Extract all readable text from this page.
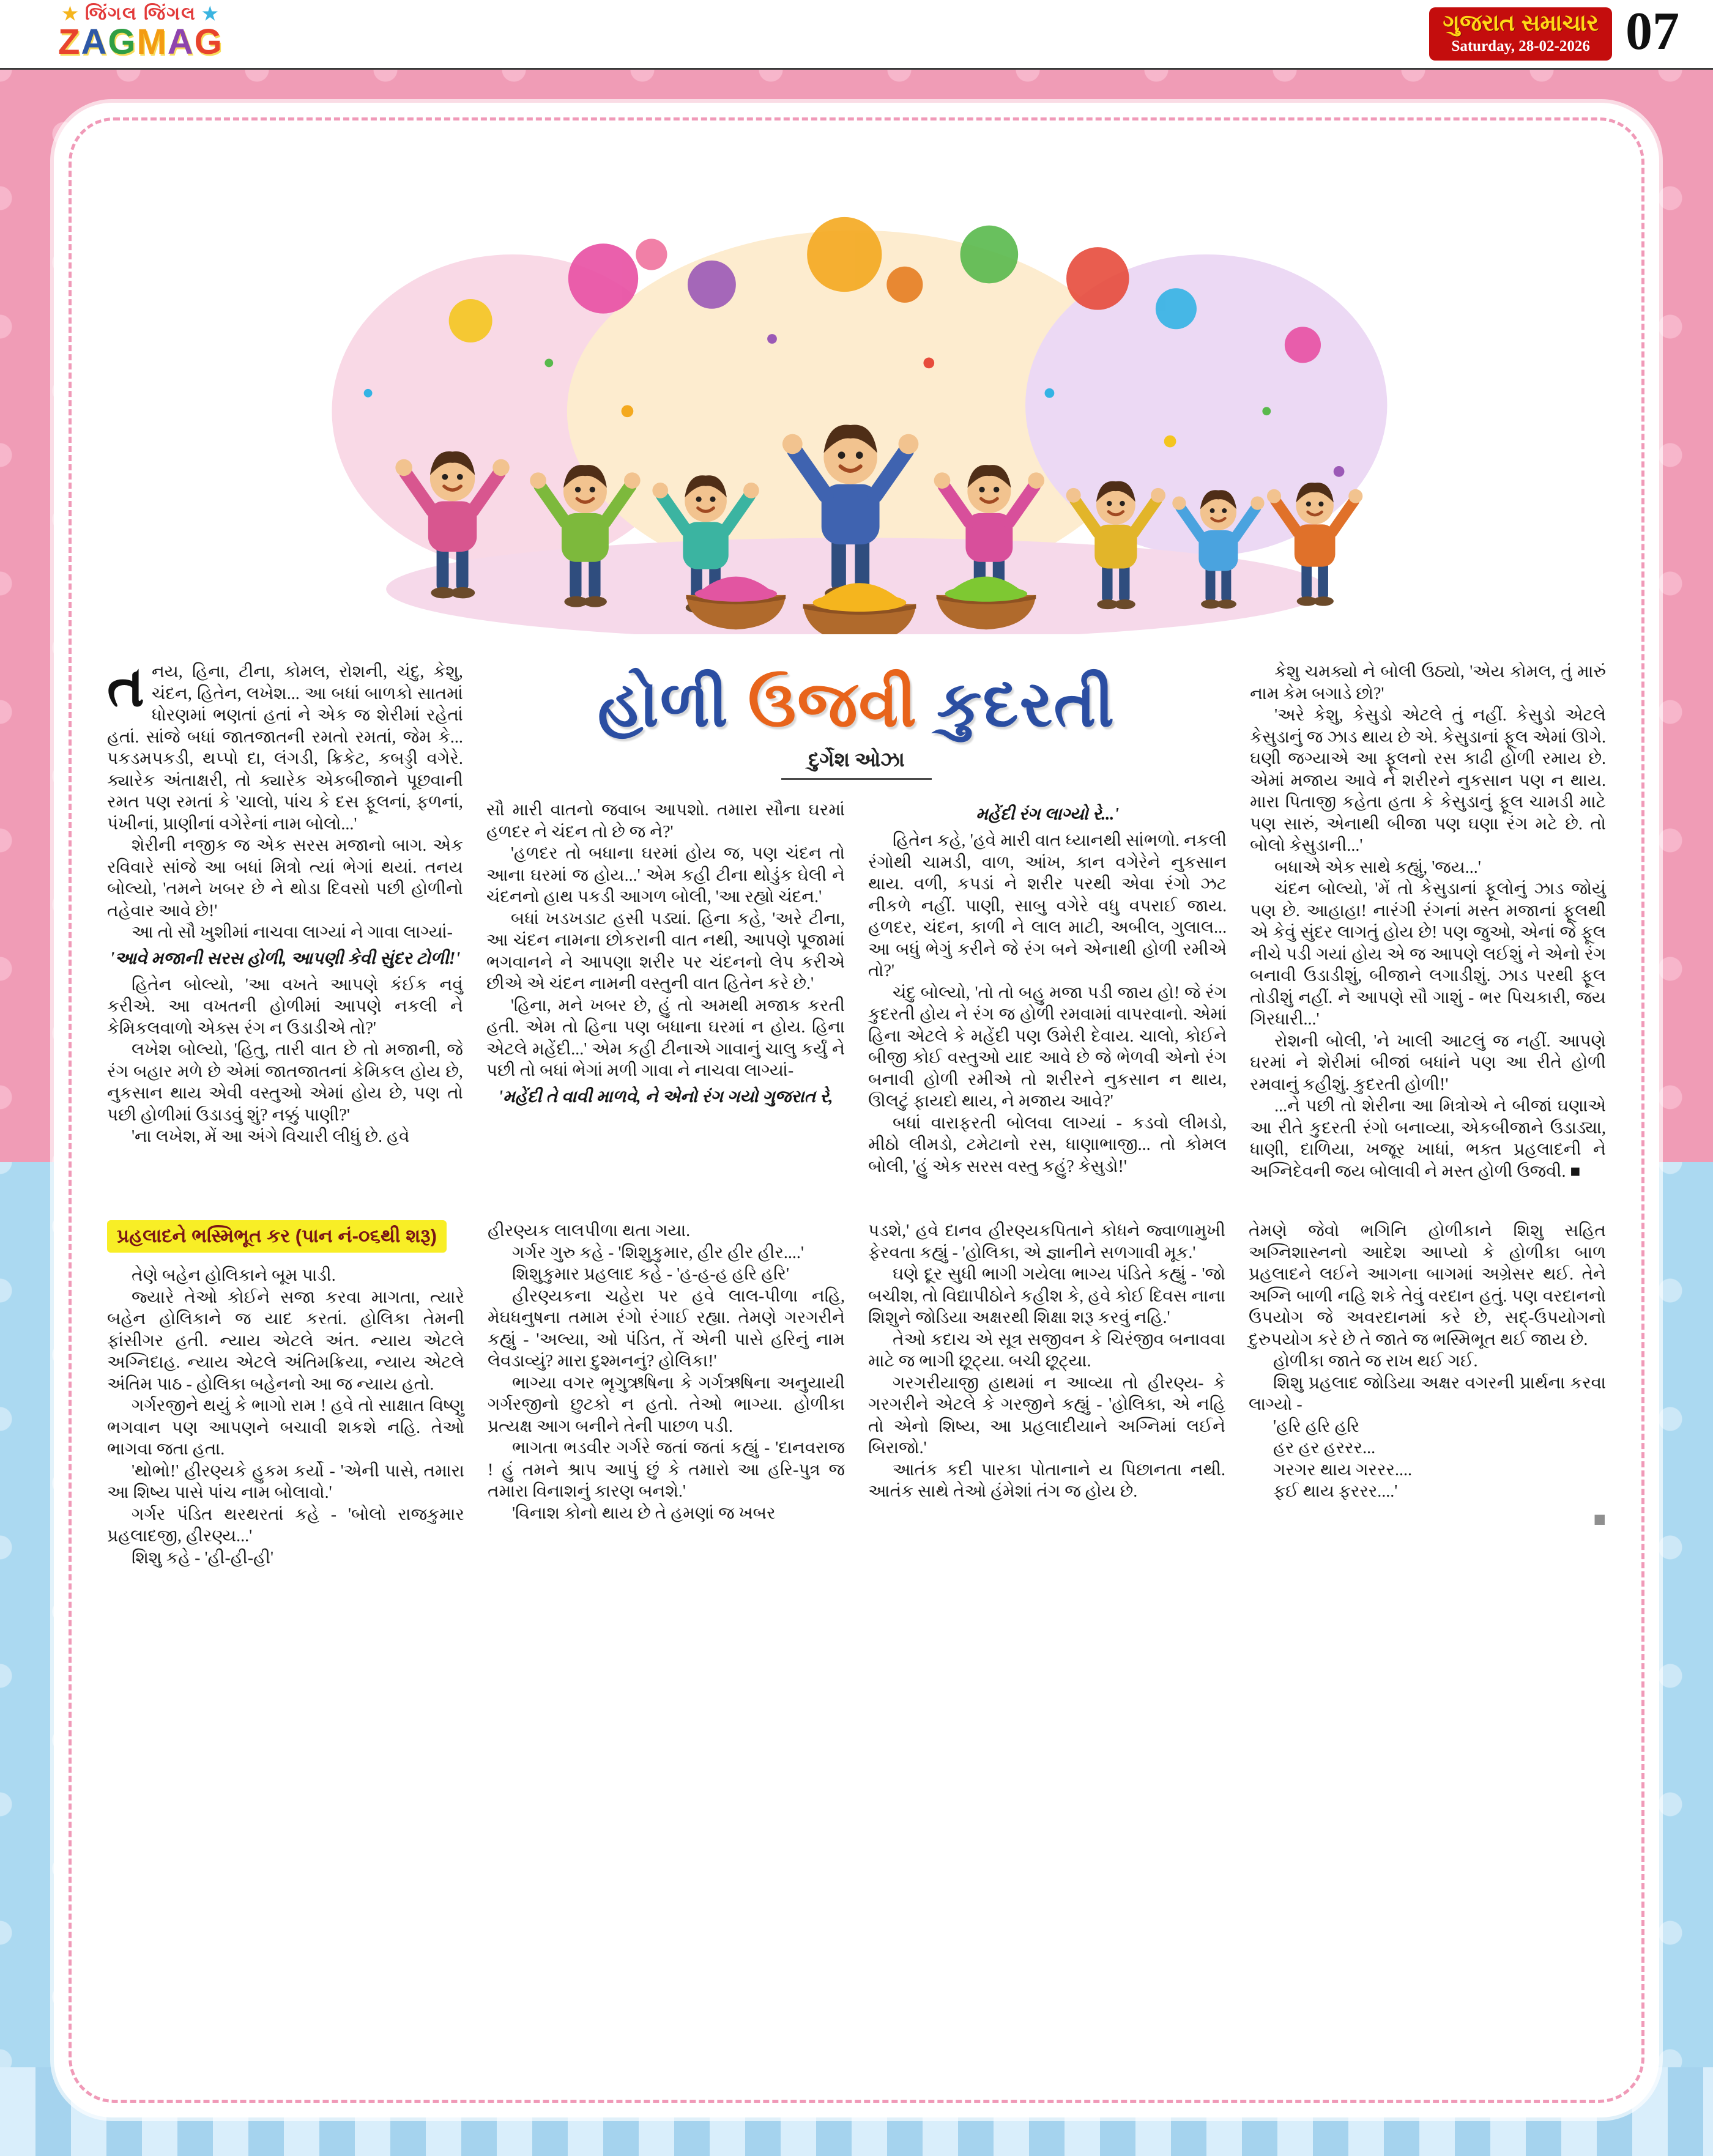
★ જિંગલ જિંગલ ★
ZAGMAG	ગુજરાત સમાચાર
Saturday, 28-02-2026 07

તનય, હિના, ટીના, કોમલ, રોશની, ચંદુ, કેશુ, ચંદન, હિતેન, લખેશ... આ બધાં બાળકો સાતમાં ધોરણમાં ભણતાં હતાં ને એક જ શેરીમાં રહેતાં હતાં. સાંજે બધાં જાતજાતની રમતો રમતાં, જેમ કે... પકડમપકડી, થપ્પો દા, લંગડી, ક્રિકેટ, કબડ્ડી વગેરે. ક્યારેક અંતાક્ષરી, તો ક્યારેક એકબીજાને પૂછવાની રમત પણ રમતાં કે 'ચાલો, પાંચ કે દસ ફૂલનાં, ફળનાં, પંખીનાં, પ્રાણીનાં વગેરેનાં નામ બોલો...'

શેરીની નજીક જ એક સરસ મજાનો બાગ. એક રવિવારે સાંજે આ બધાં મિત્રો ત્યાં ભેગાં થયાં. તનય બોલ્યો, 'તમને ખબર છે ને થોડા દિવસો પછી હોળીનો તહેવાર આવે છે!'

આ તો સૌ ખુશીમાં નાચવા લાગ્યાં ને ગાવા લાગ્યાં-

'આવે મજાની સરસ હોળી, આપણી કેવી સુંદર ટોળી!'

હિતેન બોલ્યો, 'આ વખતે આપણે કંઈક નવું કરીએ. આ વખતની હોળીમાં આપણે નકલી ને કેમિકલવાળો એક્સ રંગ ન ઉડાડીએ તો?'

લખેશ બોલ્યો, 'હિતુ, તારી વાત છે તો મજાની, જે રંગ બહાર મળે છે એમાં જાતજાતનાં કેમિકલ હોય છે, નુકસાન થાય એવી વસ્તુઓ એમાં હોય છે, પણ તો પછી હોળીમાં ઉડાડવું શું? નક્કું પાણી?'

'ના લખેશ, મેં આ અંગે વિચારી લીધું છે. હવે

હોળી ઉજવી કુદરતી
દુર્ગેશ ઓઝા

સૌ મારી વાતનો જવાબ આપશો. તમારા સૌના ઘરમાં હળદર ને ચંદન તો છે જ ને?'

'હળદર તો બધાના ઘરમાં હોય જ, પણ ચંદન તો આના ઘરમાં જ હોય...' એમ કહી ટીના થોડુંક ઘેલી ને ચંદનનો હાથ પકડી આગળ બોલી, 'આ રહ્યો ચંદન.'

બધાં ખડખડાટ હસી પડ્યાં. હિના કહે, 'અરે ટીના, આ ચંદન નામના છોકરાની વાત નથી, આપણે પૂજામાં ભગવાનને ને આપણા શરીર પર ચંદનનો લેપ કરીએ છીએ એ ચંદન નામની વસ્તુની વાત હિતેન કરે છે.'

'હિના, મને ખબર છે, હું તો અમથી મજાક કરતી હતી. એમ તો હિના પણ બધાના ઘરમાં ન હોય. હિના એટલે મહેંદી...' એમ કહી ટીનાએ ગાવાનું ચાલુ કર્યું ને પછી તો બધાં ભેગાં મળી ગાવા ને નાચવા લાગ્યાં-

'મહેંદી તે વાવી માળવે, ને એનો રંગ ગયો ગુજરાત રે,

મહેંદી રંગ લાગ્યો રે...'

હિતેન કહે, 'હવે મારી વાત ધ્યાનથી સાંભળો. નકલી રંગોથી ચામડી, વાળ, આંખ, કાન વગેરેને નુકસાન થાય. વળી, કપડાં ને શરીર પરથી એવા રંગો ઝટ નીકળે નહીં. પાણી, સાબુ વગેરે વધુ વપરાઈ જાય. હળદર, ચંદન, કાળી ને લાલ માટી, અબીલ, ગુલાલ... આ બધું ભેગું કરીને જે રંગ બને એનાથી હોળી રમીએ તો?'

ચંદુ બોલ્યો, 'તો તો બહુ મજા પડી જાય હો! જે રંગ કુદરતી હોય ને રંગ જ હોળી રમવામાં વાપરવાનો. એમાં હિના એટલે કે મહેંદી પણ ઉમેરી દેવાય. ચાલો, કોઈને બીજી કોઈ વસ્તુઓ યાદ આવે છે જે ભેળવી એનો રંગ બનાવી હોળી રમીએ તો શરીરને નુકસાન ન થાય, ઊલટું ફાયદો થાય, ને મજાય આવે?'

બધાં વારાફરતી બોલવા લાગ્યાં - કડવો લીમડો, મીઠો લીમડો, ટમેટાનો રસ, ધાણાભાજી... તો કોમલ બોલી, 'હું એક સરસ વસ્તુ કહું? કેસુડો!'

કેશુ ચમક્યો ને બોલી ઉઠ્યો, 'એય કોમલ, તું મારું નામ કેમ બગાડે છો?'

'અરે કેશુ, કેસુડો એટલે તું નહીં. કેસુડો એટલે કેસુડાનું જ ઝાડ થાય છે એ. કેસુડાનાં ફૂલ એમાં ઊગે. ઘણી જગ્યાએ આ ફૂલનો રસ કાઢી હોળી રમાય છે. એમાં મજાય આવે ને શરીરને નુકસાન પણ ન થાય. મારા પિતાજી કહેતા હતા કે કેસુડાનું ફૂલ ચામડી માટે પણ સારું, એનાથી બીજા પણ ઘણા રંગ મટે છે. તો બોલો કેસુડાની...'

બધાએ એક સાથે કહ્યું, 'જય...'

ચંદન બોલ્યો, 'મેં તો કેસુડાનાં ફૂલોનું ઝાડ જોયું પણ છે. આહાહા! નારંગી રંગનાં મસ્ત મજાનાં ફૂલથી એ કેવું સુંદર લાગતું હોય છે! પણ જુઓ, એનાં જે ફૂલ નીચે પડી ગયાં હોય એ જ આપણે લઈશું ને એનો રંગ બનાવી ઉડાડીશું, બીજાને લગાડીશું. ઝાડ પરથી ફૂલ તોડીશું નહીં. ને આપણે સૌ ગાશું - ભર પિચકારી, જય ગિરધારી...'

રોશની બોલી, 'ને ખાલી આટલું જ નહીં. આપણે ઘરમાં ને શેરીમાં બીજાં બધાંને પણ આ રીતે હોળી રમવાનું કહીશું. કુદરતી હોળી!'

...ને પછી તો શેરીના આ મિત્રોએ ને બીજાં ઘણાએ આ રીતે કુદરતી રંગો બનાવ્યા, એકબીજાને ઉડાડ્યા, ધાણી, દાળિયા, ખજૂર ખાધાં, ભક્ત પ્રહલાદની ને અગ્નિદેવની જય બોલાવી ને મસ્ત હોળી ઉજવી. ■

પ્રહલાદને ભસ્મિભૂત કર (પાન નં-૦૬થી શરૂ)

તેણે બહેન હોલિકાને બૂમ પાડી.

જ્યારે તેઓ કોઈને સજા કરવા માગતા, ત્યારે બહેન હોલિકાને જ યાદ કરતાં. હોલિકા તેમની ફાંસીગર હતી. ન્યાય એટલે અંત. ન્યાય એટલે અગ્નિદાહ. ન્યાય એટલે અંતિમક્રિયા, ન્યાય એટલે અંતિમ પાઠ - હોલિકા બહેનનો આ જ ન્યાય હતો.

ગર્ગરજીને થયું કે ભાગો રામ ! હવે તો સાક્ષાત વિષ્ણુ ભગવાન પણ આપણને બચાવી શકશે નહિ. તેઓ ભાગવા જતા હતા.

'થોભો!' હીરણ્યકે હુકમ કર્યો - 'એની પાસે, તમારા આ શિષ્ય પાસે પાંચ નામ બોલાવો.'

ગર્ગર પંડિત થરથરતાં કહે - 'બોલો રાજકુમાર પ્રહલાદજી, હીરણ્ય...'

શિશુ કહે - 'હી-હી-હી'

હીરણ્યક લાલપીળા થતા ગયા.

ગર્ગર ગુરુ કહે - 'શિશુકુમાર, હીર હીર હીર....'

શિશુકુમાર પ્રહલાદ કહે - 'હ-હ-હ હરિ હરિ'

હીરણ્યકના ચહેરા પર હવે લાલ-પીળા નહિ, મેઘધનુષના તમામ રંગો રંગાઈ રહ્યા. તેમણે ગરગરીને કહ્યું - 'અલ્યા, ઓ પંડિત, તેં એની પાસે હરિનું નામ લેવડાવ્યું? મારા દુશ્મનનું? હોલિકા!'

ભાગ્યા વગર ભૃગુઋષિના કે ગર્ગઋષિના અનુયાયી ગર્ગરજીનો છુટકો ન હતો. તેઓ ભાગ્યા. હોળીકા પ્રત્યક્ષ આગ બનીને તેની પાછળ પડી.

ભાગતા ભડવીર ગર્ગરે જતાં જતાં કહ્યું - 'દાનવરાજ ! હું તમને શ્રાપ આપું છું કે તમારો આ હરિ-પુત્ર જ તમારા વિનાશનું કારણ બનશે.'

'વિનાશ કોનો થાય છે તે હમણાં જ ખબર

પડશે,' હવે દાનવ હીરણ્યકપિતાને કોધને જ્વાળામુખી ફેરવતા કહ્યું - 'હોલિકા, એ જ્ઞાનીને સળગાવી મૂક.'

ઘણે દૂર સુધી ભાગી ગયેલા ભાગ્ય પંડિતે કહ્યું - 'જો બચીશ, તો વિદ્યાપીઠોને કહીશ કે, હવે કોઈ દિવસ નાના શિશુને જોડિયા અક્ષરથી શિક્ષા શરૂ કરવું નહિ.'

તેઓ કદાચ એ સૂત્ર સજીવન કે ચિરંજીવ બનાવવા માટે જ ભાગી છૂટ્યા. બચી છૂટ્યા.

ગરગરીયાજી હાથમાં ન આવ્યા તો હીરણ્ય- કે ગરગરીને એટલે કે ગરજીને કહ્યું - 'હોલિકા, એ નહિ તો એનો શિષ્ય, આ પ્રહલાદીયાને અગ્નિમાં લઈને બિરાજો.'

આતંક કદી પારકા પોતાનાને ય પિછાનતા નથી. આતંક સાથે તેઓ હંમેશાં તંગ જ હોય છે.

તેમણે જેવો ભગિનિ હોળીકાને શિશુ સહિત અગ્નિશાસ્નનો આદેશ આપ્યો કે હોળીકા બાળ પ્રહલાદને લઈને આગના બાગમાં અગ્રેસર થઈ. તેને અગ્નિ બાળી નહિ શકે તેવું વરદાન હતું. પણ વરદાનનો ઉપયોગ જે અવરદાનમાં કરે છે, સદ્-ઉપયોગનો દુરુપયોગ કરે છે તે જાતે જ ભસ્મિભૂત થઈ જાય છે.

હોળીકા જાતે જ રાખ થઈ ગઈ.

શિશુ પ્રહલાદ જોડિયા અક્ષર વગરની પ્રાર્થના કરવા લાગ્યો -

'હરિ હરિ હરિ

હર હર હરરર...

ગરગર થાય ગરરર....

ફઈ થાય ફરરર....'

■
